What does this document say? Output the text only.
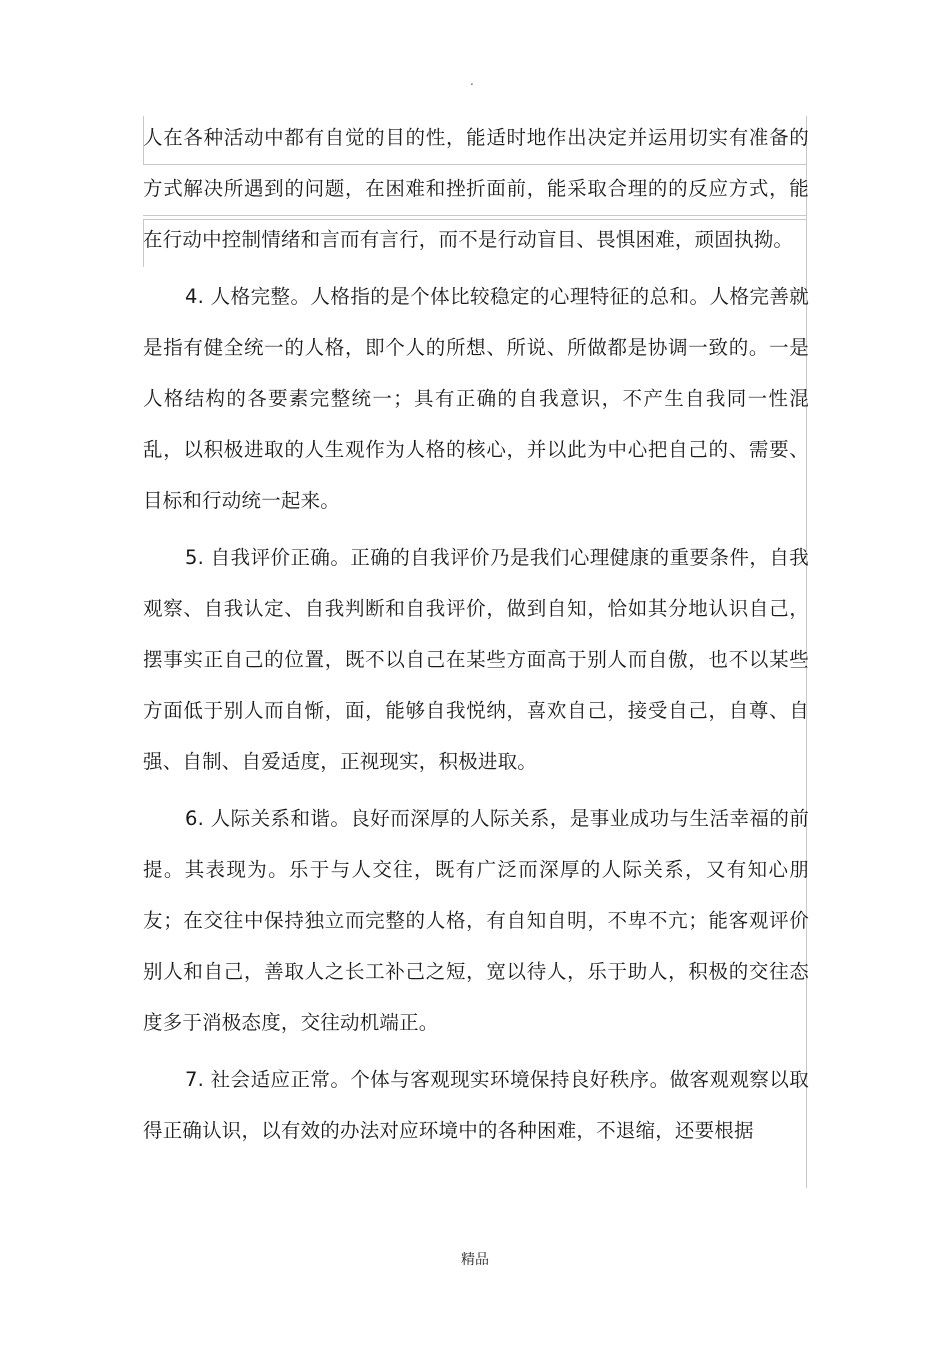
.

人在各种活动中都有自觉的目的性，能适时地作出决定并运用切实有准备的方式解决所遇到的问题，在困难和挫折面前，能采取合理的的反应方式，能在行动中控制情绪和言而有言行，而不是行动盲目、畏惧困难，顽固执拗。

4. 人格完整。人格指的是个体比较稳定的心理特征的总和。人格完善就是指有健全统一的人格，即个人的所想、所说、所做都是协调一致的。一是人格结构的各要素完整统一；具有正确的自我意识，不产生自我同一性混乱，以积极进取的人生观作为人格的核心，并以此为中心把自己的、需要、目标和行动统一起来。

5. 自我评价正确。正确的自我评价乃是我们心理健康的重要条件，自我观察、自我认定、自我判断和自我评价，做到自知，恰如其分地认识自己，摆事实正自己的位置，既不以自己在某些方面高于别人而自傲，也不以某些方面低于别人而自惭，面，能够自我悦纳，喜欢自己，接受自己，自尊、自强、自制、自爱适度，正视现实，积极进取。

6. 人际关系和谐。良好而深厚的人际关系，是事业成功与生活幸福的前提。其表现为。乐于与人交往，既有广泛而深厚的人际关系，又有知心朋友；在交往中保持独立而完整的人格，有自知自明，不卑不亢；能客观评价别人和自己，善取人之长工补己之短，宽以待人，乐于助人，积极的交往态度多于消极态度，交往动机端正。

7. 社会适应正常。个体与客观现实环境保持良好秩序。做客观观察以取得正确认识，以有效的办法对应环境中的各种困难，不退缩，还要根据

精品
